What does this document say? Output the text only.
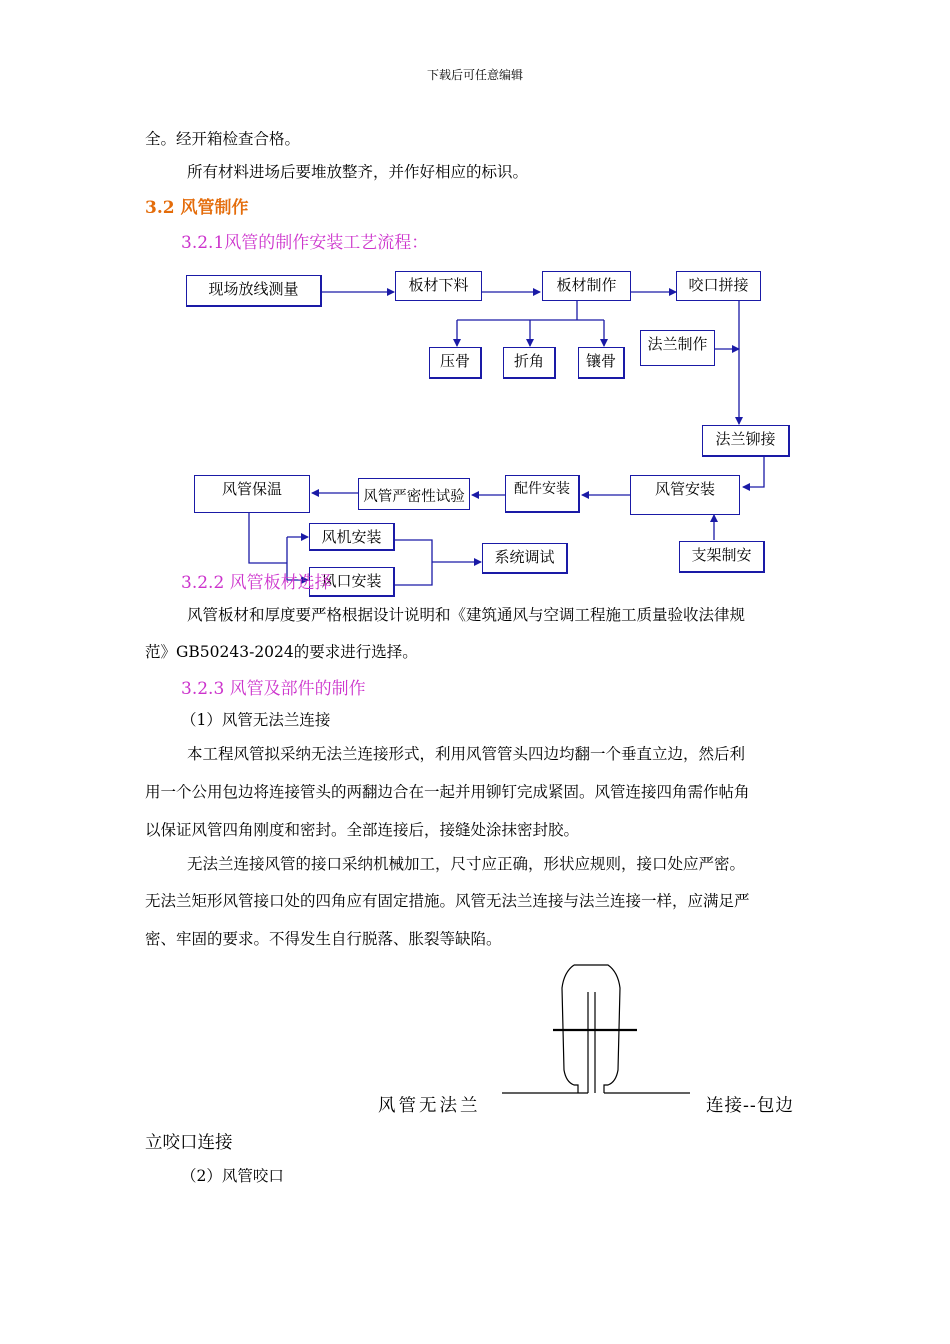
下载后可任意编辑
全。经开箱检查合格。
所有材料进场后要堆放整齐，并作好相应的标识。
3.2 风管制作
3.2.1风管的制作安装工艺流程：
现场放线测量	板材下料	板材制作	咬口拼接
压骨	折角	镶骨
法兰制作
法兰铆接
风管安装
配件安装
风管严密性试验
风管保温
风机安装
风口安装
系统调试	支架制安
3.2.2 风管板材选择
风管板材和厚度要严格根据设计说明和《建筑通风与空调工程施工质量验收法律规
范》GB50243-2024的要求进行选择。
3.2.3 风管及部件的制作
（1）风管无法兰连接
本工程风管拟采纳无法兰连接形式，利用风管管头四边均翻一个垂直立边，然后利
用一个公用包边将连接管头的两翻边合在一起并用铆钉完成紧固。风管连接四角需作帖角
以保证风管四角刚度和密封。全部连接后，接缝处涂抹密封胶。
无法兰连接风管的接口采纳机械加工，尺寸应正确，形状应规则，接口处应严密。
无法兰矩形风管接口处的四角应有固定措施。风管无法兰连接与法兰连接一样，应满足严
密、牢固的要求。不得发生自行脱落、胀裂等缺陷。
风管无法兰	连接--包边
立咬口连接
（2）风管咬口
